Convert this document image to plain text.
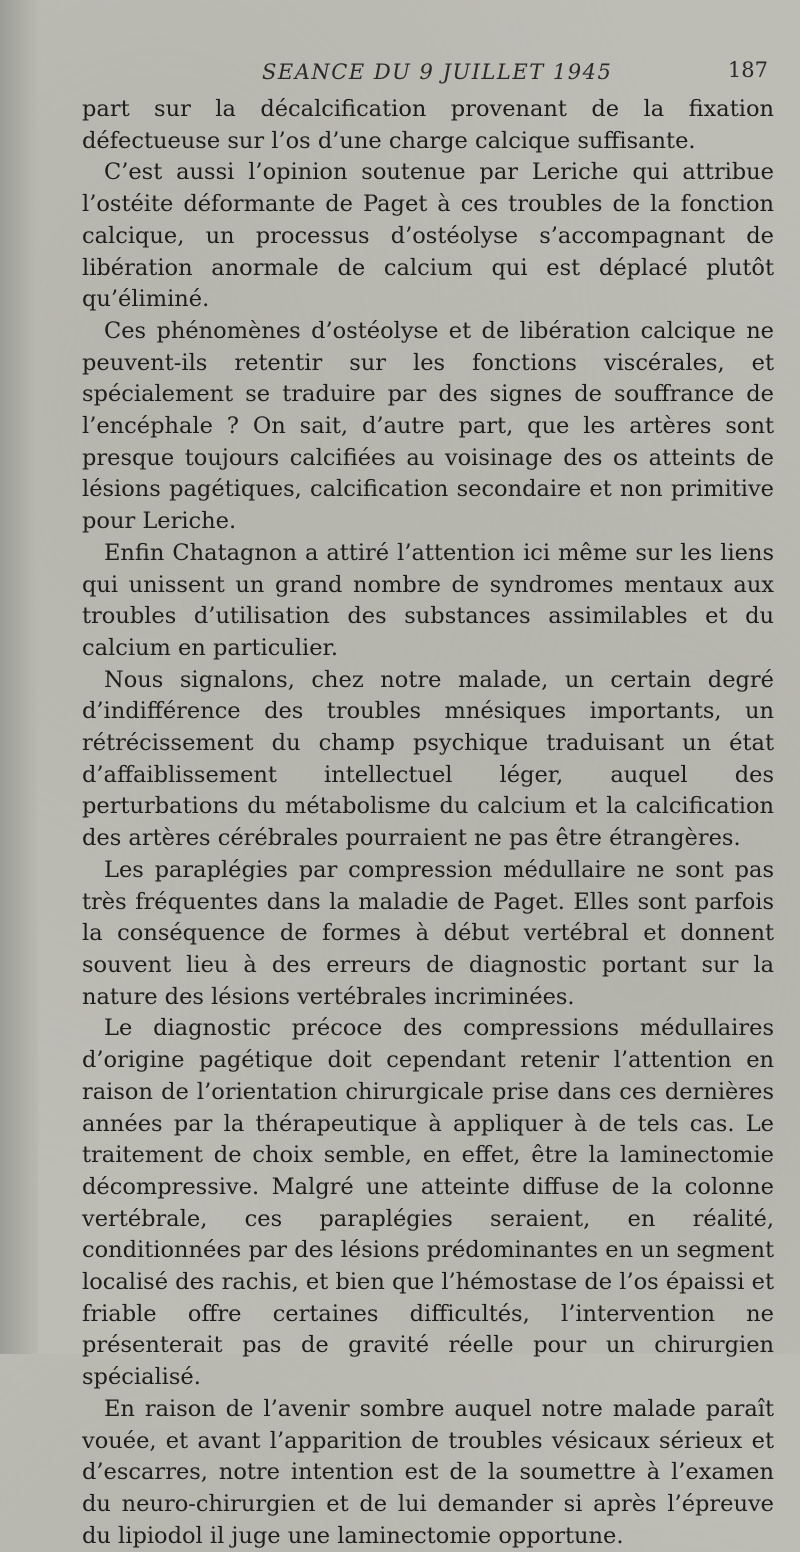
SEANCE DU 9 JUILLET 1945	187

part sur la décalcification provenant de la fixation défectueuse sur l’os d’une charge calcique suffisante.

C’est aussi l’opinion soutenue par Leriche qui attribue l’ostéite déformante de Paget à ces troubles de la fonction calcique, un processus d’ostéolyse s’accompagnant de libération anormale de calcium qui est déplacé plutôt qu’éliminé.

Ces phénomènes d’ostéolyse et de libération calcique ne peuvent-ils retentir sur les fonctions viscérales, et spécialement se traduire par des signes de souffrance de l’encéphale ? On sait, d’autre part, que les artères sont presque toujours calcifiées au voisinage des os atteints de lésions pagétiques, calcification secondaire et non primitive pour Leriche.

Enfin Chatagnon a attiré l’attention ici même sur les liens qui unissent un grand nombre de syndromes mentaux aux troubles d’utilisation des substances assimilables et du calcium en particulier.

Nous signalons, chez notre malade, un certain degré d’indifférence des troubles mnésiques importants, un rétrécissement du champ psychique traduisant un état d’affaiblissement intellectuel léger, auquel des perturbations du métabolisme du calcium et la calcification des artères cérébrales pourraient ne pas être étrangères.

Les paraplégies par compression médullaire ne sont pas très fréquentes dans la maladie de Paget. Elles sont parfois la conséquence de formes à début vertébral et donnent souvent lieu à des erreurs de diagnostic portant sur la nature des lésions vertébrales incriminées.

Le diagnostic précoce des compressions médullaires d’origine pagétique doit cependant retenir l’attention en raison de l’orientation chirurgicale prise dans ces dernières années par la thérapeutique à appliquer à de tels cas. Le traitement de choix semble, en effet, être la laminectomie décompressive. Malgré une atteinte diffuse de la colonne vertébrale, ces paraplégies seraient, en réalité, conditionnées par des lésions prédominantes en un segment localisé des rachis, et bien que l’hémostase de l’os épaissi et friable offre certaines difficultés, l’intervention ne présenterait pas de gravité réelle pour un chirurgien spécialisé.

En raison de l’avenir sombre auquel notre malade paraît vouée, et avant l’apparition de troubles vésicaux sérieux et d’escarres, notre intention est de la soumettre à l’examen du neuro-chirurgien et de lui demander si après l’épreuve du lipiodol il juge une laminectomie opportune.
